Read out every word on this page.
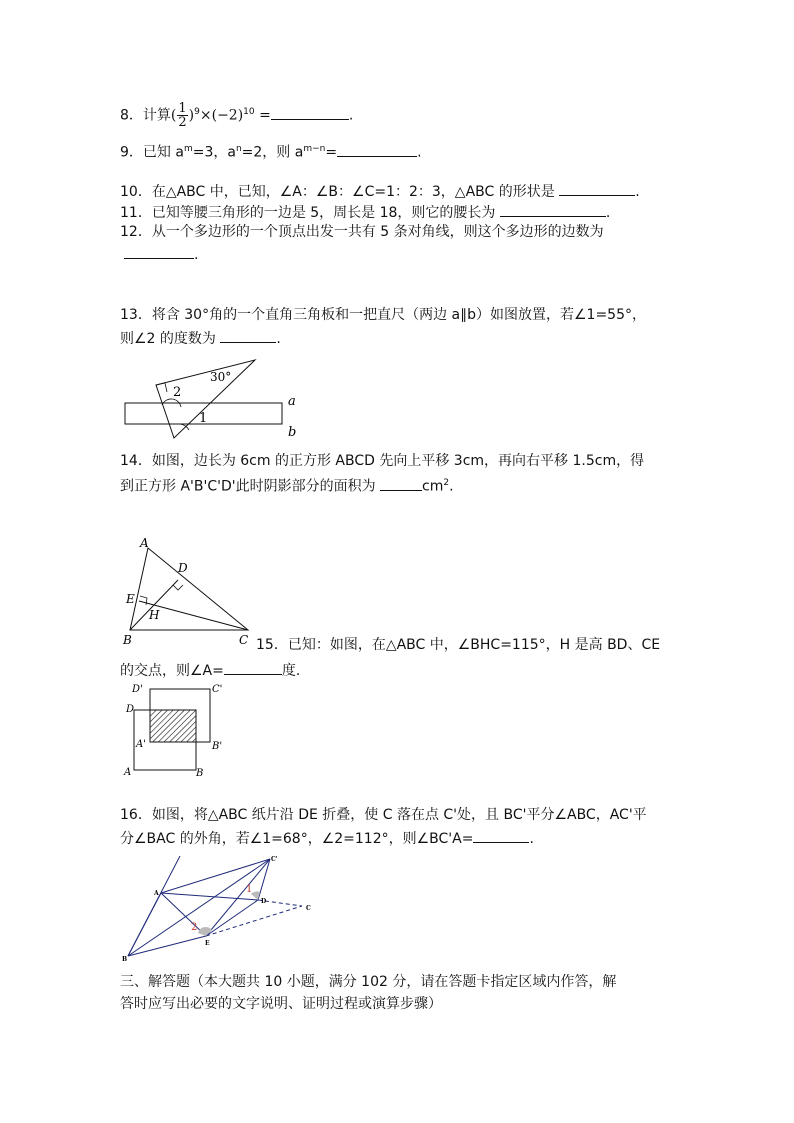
8．计算( $\frac{1}{2} )^9\times(-2)^{10}$ =	.
9．已知 $a^m=3$，$a^n=2$，则 $a^{m-n}=$	.
10．在△ABC 中，已知，∠A：∠B：∠C=1：2：3，△ABC 的形状是	.
11．已知等腰三角形的一边是 5，周长是 18，则它的腰长为	.
12．从一个多边形的一个顶点出发一共有 5 条对角线，则这个多边形的边数为
.
13．将含 30°角的一个直角三角板和一把直尺（两边 a∥b）如图放置，若∠1=55°，
则∠2 的度数为	.
30°
2
1
a
b
14．如图，边长为 6cm 的正方形 ABCD 先向上平移 3cm，再向右平移 1.5cm，得
到正方形 A'B'C'D'此时阴影部分的面积为	$cm^2$.
A
D
E
H
B	C 15．已知：如图，在△ABC 中，∠BHC=115°，H 是高 BD、CE
的交点，则∠A=	度.
D'	C'
D
A'	B'
A	B
16．如图，将△ABC 纸片沿 DE 折叠，使 C 落在点 C'处，且 BC'平分∠ABC，AC'平
分∠BAC 的外角，若∠1=68°，∠2=112°，则∠BC'A=	.
1
2
A
C'
D
C
E
B
三、解答题（本大题共 10 小题，满分 102 分，请在答题卡指定区域内作答，解
答时应写出必要的文字说明、证明过程或演算步骤）
